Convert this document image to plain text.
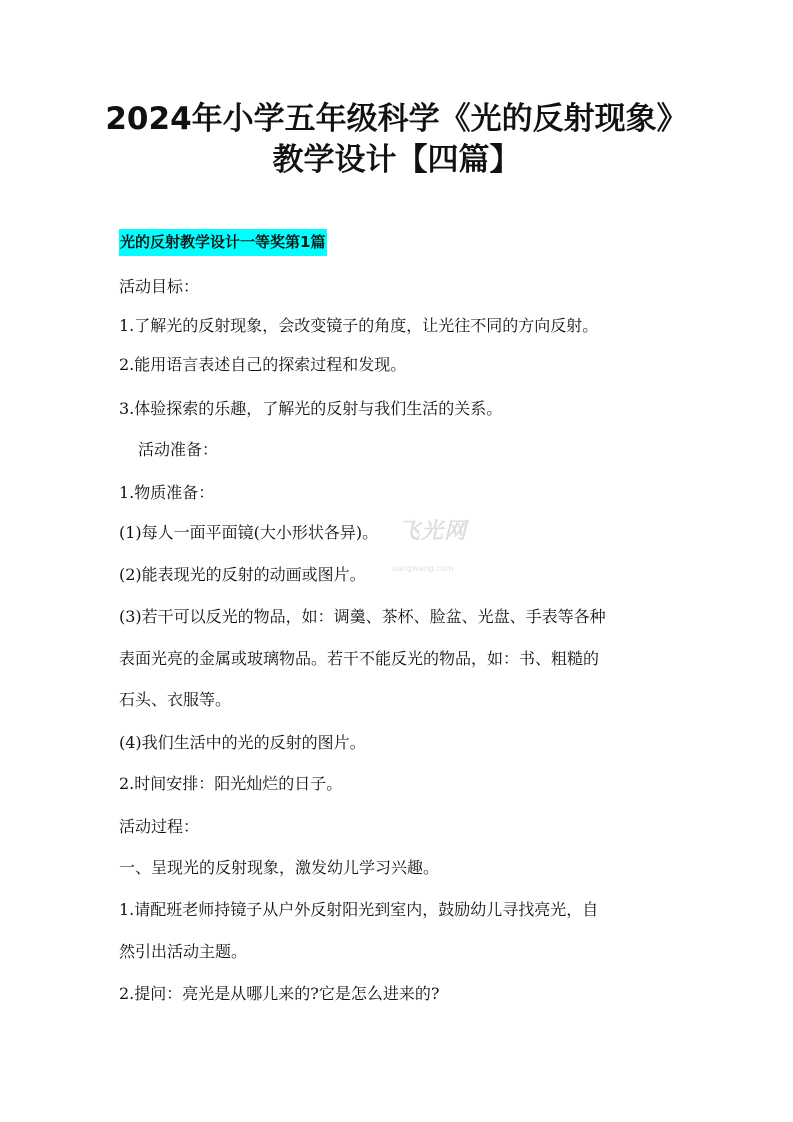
2024年小学五年级科学《光的反射现象》
教学设计【四篇】
光的反射教学设计一等奖第1篇
活动目标：
1.了解光的反射现象，会改变镜子的角度，让光往不同的方向反射。
2.能用语言表述自己的探索过程和发现。
3.体验探索的乐趣，了解光的反射与我们生活的关系。
活动准备：
1.物质准备：
(1)每人一面平面镜(大小形状各异)。
(2)能表现光的反射的动画或图片。
(3)若干可以反光的物品，如：调羹、茶杯、脸盆、光盘、手表等各种
表面光亮的金属或玻璃物品。若干不能反光的物品，如：书、粗糙的
石头、衣服等。
(4)我们生活中的光的反射的图片。
2.时间安排：阳光灿烂的日子。
活动过程：
一、呈现光的反射现象，激发幼儿学习兴趣。
1.请配班老师持镜子从户外反射阳光到室内，鼓励幼儿寻找亮光，自
然引出活动主题。
2.提问：亮光是从哪儿来的?它是怎么进来的?
飞光网
uangwang.com
